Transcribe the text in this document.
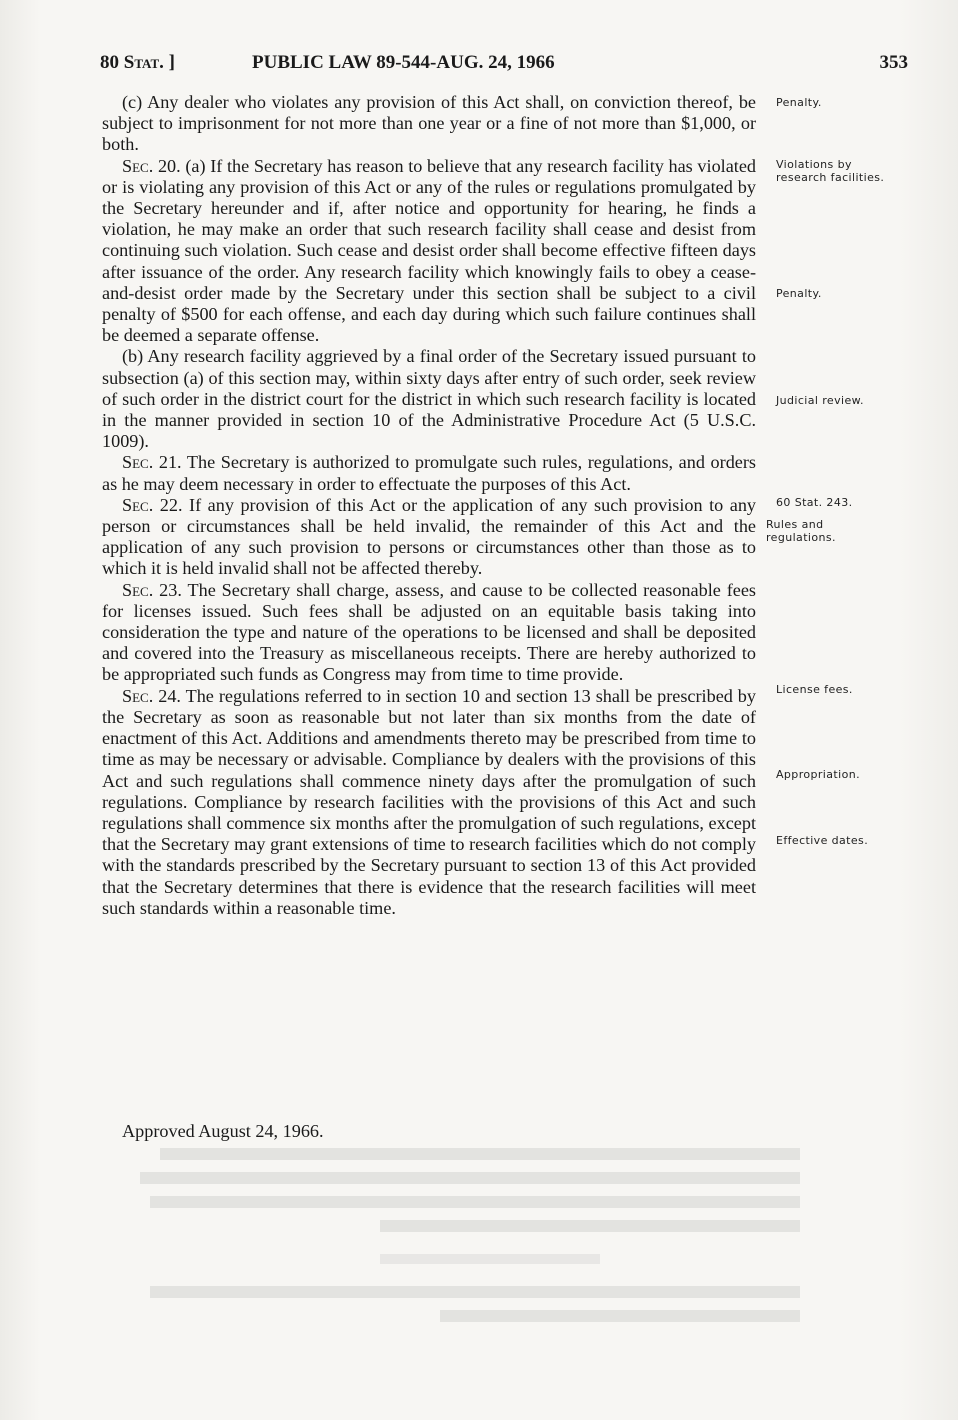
80 Stat. ]	PUBLIC LAW 89-544-AUG. 24, 1966	353

(c) Any dealer who violates any provision of this Act shall, on conviction thereof, be subject to imprisonment for not more than one year or a fine of not more than $1,000, or both.

Sec. 20. (a) If the Secretary has reason to believe that any research facility has violated or is violating any provision of this Act or any of the rules or regulations promulgated by the Secretary hereunder and if, after notice and opportunity for hearing, he finds a violation, he may make an order that such research facility shall cease and desist from continuing such violation. Such cease and desist order shall become effective fifteen days after issuance of the order. Any research facility which knowingly fails to obey a cease-and-desist order made by the Secretary under this section shall be subject to a civil penalty of $500 for each offense, and each day during which such failure continues shall be deemed a separate offense.

(b) Any research facility aggrieved by a final order of the Secretary issued pursuant to subsection (a) of this section may, within sixty days after entry of such order, seek review of such order in the district court for the district in which such research facility is located in the manner provided in section 10 of the Administrative Procedure Act (5 U.S.C. 1009).

Sec. 21. The Secretary is authorized to promulgate such rules, regulations, and orders as he may deem necessary in order to effectuate the purposes of this Act.

Sec. 22. If any provision of this Act or the application of any such provision to any person or circumstances shall be held invalid, the remainder of this Act and the application of any such provision to persons or circumstances other than those as to which it is held invalid shall not be affected thereby.

Sec. 23. The Secretary shall charge, assess, and cause to be collected reasonable fees for licenses issued. Such fees shall be adjusted on an equitable basis taking into consideration the type and nature of the operations to be licensed and shall be deposited and covered into the Treasury as miscellaneous receipts. There are hereby authorized to be appropriated such funds as Congress may from time to time provide.

Sec. 24. The regulations referred to in section 10 and section 13 shall be prescribed by the Secretary as soon as reasonable but not later than six months from the date of enactment of this Act. Additions and amendments thereto may be prescribed from time to time as may be necessary or advisable. Compliance by dealers with the provisions of this Act and such regulations shall commence ninety days after the promulgation of such regulations. Compliance by research facilities with the provisions of this Act and such regulations shall commence six months after the promulgation of such regulations, except that the Secretary may grant extensions of time to research facilities which do not comply with the standards prescribed by the Secretary pursuant to section 13 of this Act provided that the Secretary determines that there is evidence that the research facilities will meet such standards within a reasonable time.

Approved August 24, 1966.
Penalty.
Violations by research facilities.
Penalty.
Judicial review.
60 Stat. 243.
Rules and regulations.
License fees.
Appropriation.
Effective dates.
